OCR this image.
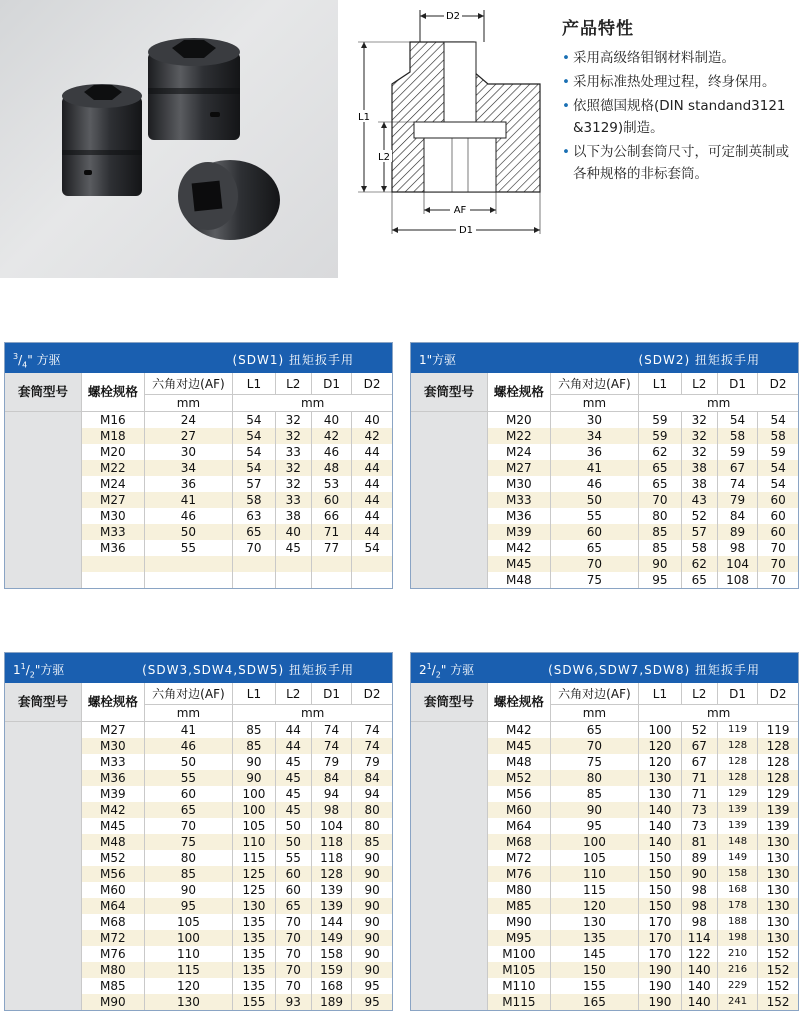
D2
L1
L2
AF
D1
产品特性
• 采用高级络钼钢材料制造。
• 采用标准热处理过程，终身保用。
• 依照德国规格(DIN standand3121 &3129)制造。
• 以下为公制套筒尺寸，可定制英制或各种规格的非标套筒。
$^3/_4$" 方驱	(SDW1) 扭矩扳手用
套筒型号	螺栓规格	六角对边(AF)	L1	L2	D1	D2
		mm	mm			
	M16	24	54	32	40	40
	M18	27	54	32	42	42
	M20	30	54	33	46	44
	M22	34	54	32	48	44
	M24	36	57	32	53	44
	M27	41	58	33	60	44
	M30	46	63	38	66	44
	M33	50	65	40	71	44
	M36	55	70	45	77	54

1"方驱	(SDW2) 扭矩扳手用
套筒型号	螺栓规格	六角对边(AF)	L1	L2	D1	D2
		mm	mm			
	M20	30	59	32	54	54
	M22	34	59	32	58	58
	M24	36	62	32	59	59
	M27	41	65	38	67	54
	M30	46	65	38	74	54
	M33	50	70	43	79	60
	M36	55	80	52	84	60
	M39	60	85	57	89	60
	M42	65	85	58	98	70
	M45	70	90	62	104	70
	M48	75	95	65	108	70
$1^1/_2$"方驱	(SDW3,SDW4,SDW5) 扭矩扳手用
套筒型号	螺栓规格	六角对边(AF)	L1	L2	D1	D2
		mm	mm			
	M27	41	85	44	74	74
	M30	46	85	44	74	74
	M33	50	90	45	79	79
	M36	55	90	45	84	84
	M39	60	100	45	94	94
	M42	65	100	45	98	80
	M45	70	105	50	104	80
	M48	75	110	50	118	85
	M52	80	115	55	118	90
	M56	85	125	60	128	90
	M60	90	125	60	139	90
	M64	95	130	65	139	90
	M68	105	135	70	144	90
	M72	100	135	70	149	90
	M76	110	135	70	158	90
	M80	115	135	70	159	90
	M85	120	135	70	168	95
	M90	130	155	93	189	95
$2^1/_2$" 方驱	(SDW6,SDW7,SDW8) 扭矩扳手用
套筒型号	螺栓规格	六角对边(AF)	L1	L2	D1	D2
		mm	mm			
	M42	65	100	52	119	119
	M45	70	120	67	128	128
	M48	75	120	67	128	128
	M52	80	130	71	128	128
	M56	85	130	71	129	129
	M60	90	140	73	139	139
	M64	95	140	73	139	139
	M68	100	140	81	148	130
	M72	105	150	89	149	130
	M76	110	150	90	158	130
	M80	115	150	98	168	130
	M85	120	150	98	178	130
	M90	130	170	98	188	130
	M95	135	170	114	198	130
	M100	145	170	122	210	152
	M105	150	190	140	216	152
	M110	155	190	140	229	152
	M115	165	190	140	241	152
